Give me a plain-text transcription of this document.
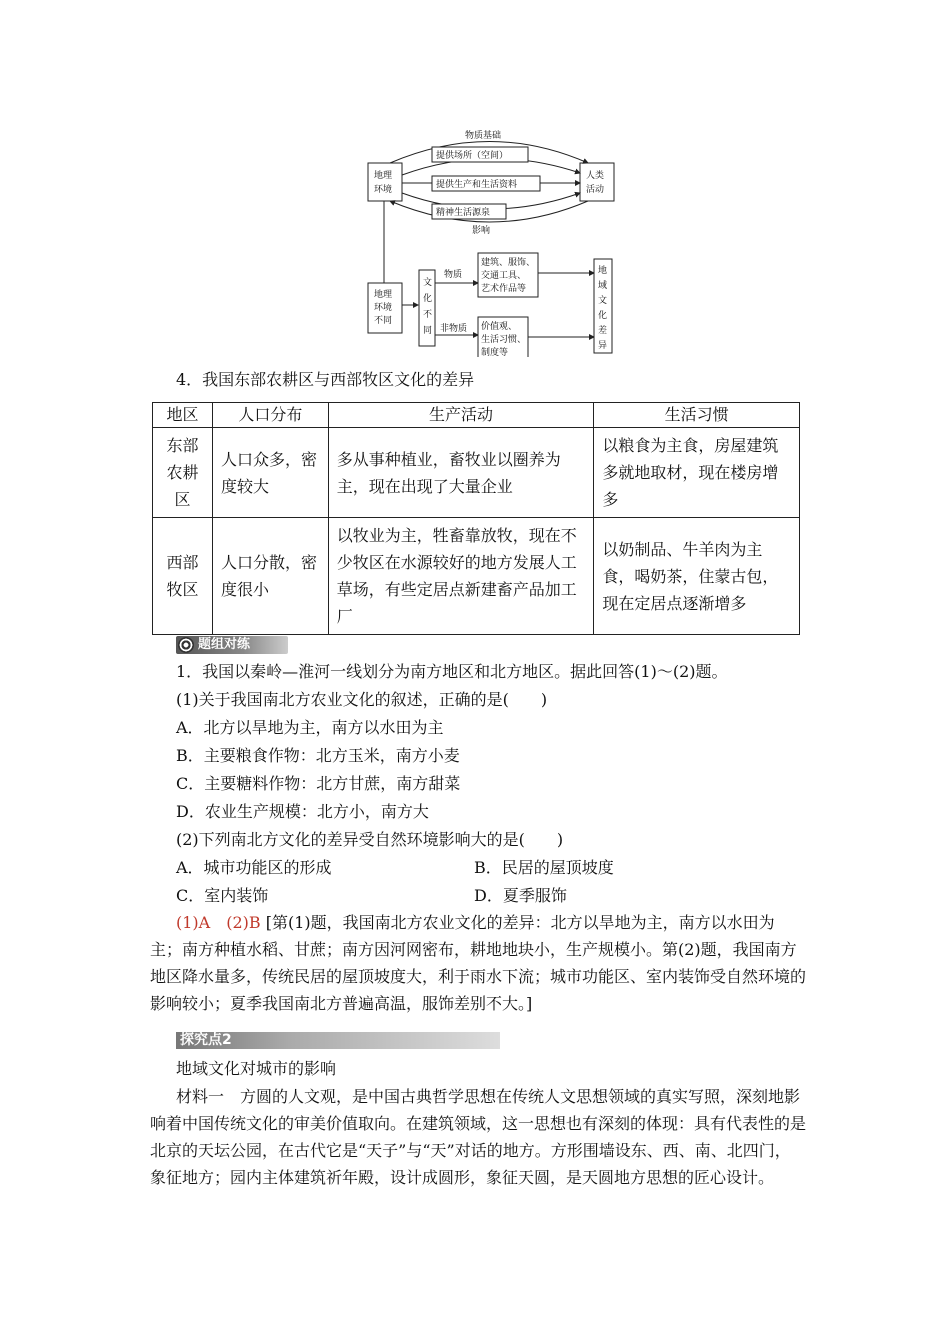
地理
环境
人类
活动
物质基础
提供场所（空间）
提供生产和生活资料
精神生活源泉
影响
地理
环境
不同
文
化
不
同
物质
建筑、服饰、
交通工具、
艺术作品等
非物质 价值观、
生活习惯、
制度等
地
域
文
化
差
异
4．我国东部农耕区与西部牧区文化的差异
地区	人口分布	生产活动	生活习惯
东部农耕区	人口众多，密度较大	多从事种植业，畜牧业以圈养为主，现在出现了大量企业	以粮食为主食，房屋建筑多就地取材，现在楼房增多
西部牧区	人口分散，密度很小	以牧业为主，牲畜靠放牧，现在不少牧区在水源较好的地方发展人工草场，有些定居点新建畜产品加工厂	以奶制品、牛羊肉为主食，喝奶茶，住蒙古包，现在定居点逐渐增多
题组对练
1．我国以秦岭—淮河一线划分为南方地区和北方地区。据此回答(1)～(2)题。
(1)关于我国南北方农业文化的叙述，正确的是(　　)
A．北方以旱地为主，南方以水田为主
B．主要粮食作物：北方玉米，南方小麦
C．主要糖料作物：北方甘蔗，南方甜菜
D．农业生产规模：北方小，南方大
(2)下列南北方文化的差异受自然环境影响大的是(　　)
A．城市功能区的形成	B．民居的屋顶坡度
C．室内装饰	D．夏季服饰
(1)A　(2)B [第(1)题，我国南北方农业文化的差异：北方以旱地为主，南方以水田为主；南方种植水稻、甘蔗；南方因河网密布，耕地地块小，生产规模小。第(2)题，我国南方地区降水量多，传统民居的屋顶坡度大，利于雨水下流；城市功能区、室内装饰受自然环境的影响较小；夏季我国南北方普遍高温，服饰差别不大。]
探究点2
地域文化对城市的影响
材料一　方圆的人文观，是中国古典哲学思想在传统人文思想领域的真实写照，深刻地影响着中国传统文化的审美价值取向。在建筑领域，这一思想也有深刻的体现：具有代表性的是北京的天坛公园，在古代它是“天子”与“天”对话的地方。方形围墙设东、西、南、北四门，象征地方；园内主体建筑祈年殿，设计成圆形，象征天圆，是天圆地方思想的匠心设计。
